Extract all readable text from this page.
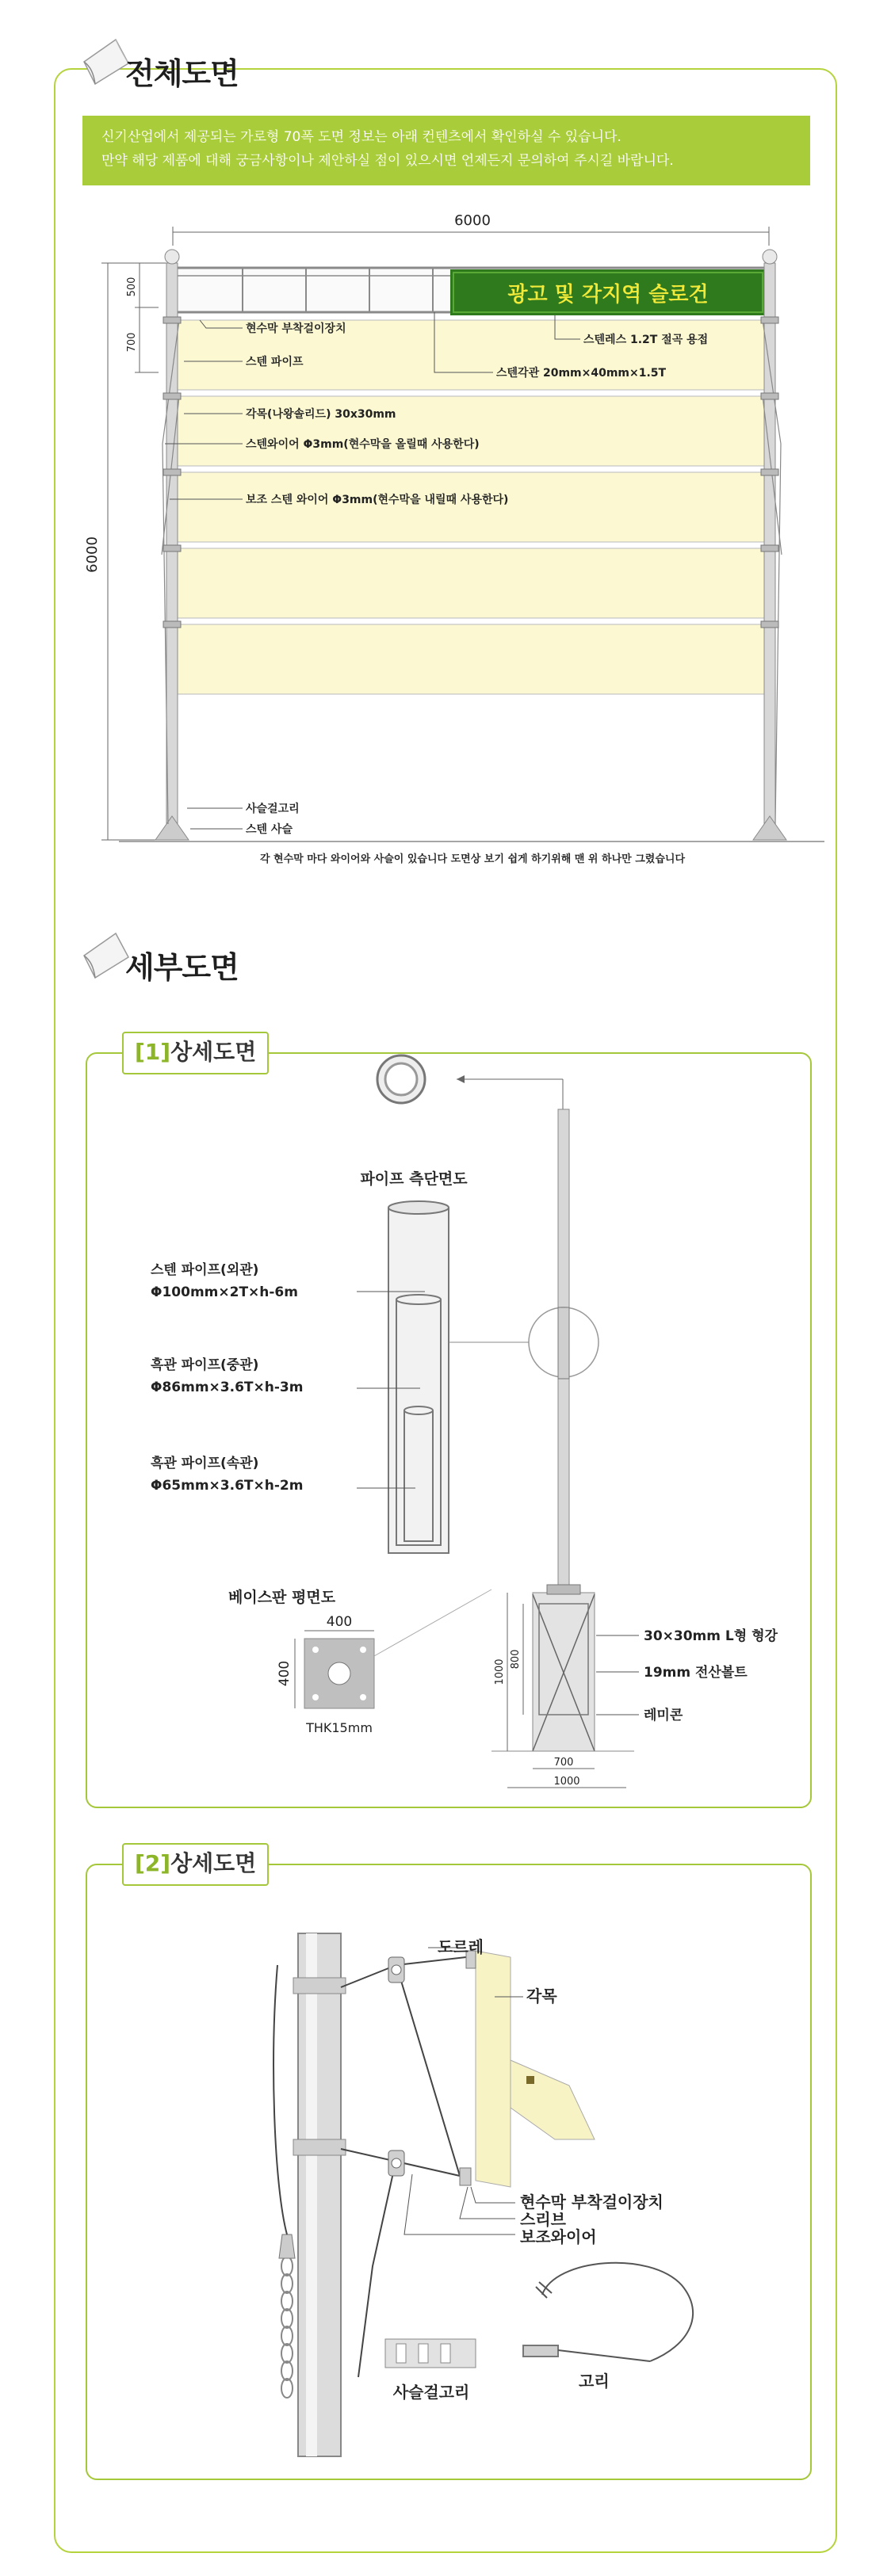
전체도면
신기산업에서 제공되는 가로형 70폭 도면 정보는 아래 컨텐츠에서 확인하실 수 있습니다.
만약 해당 제품에 대해 궁금사항이나 제안하실 점이 있으시면 언제든지 문의하여 주시길 바랍니다.
6000
6000
500
700
광고 및 각지역 슬로건
현수막 부착걸이장치
스텐 파이프
스텐각관 20mm×40mm×1.5T
스텐레스 1.2T 절곡 용접
각목(나왕솔리드) 30x30mm
스텐와이어 Φ3mm(현수막을 올릴때 사용한다)
보조 스텐 와이어 Φ3mm(현수막을 내릴때 사용한다)
사슬걸고리
스텐 사슬
각 현수막 마다 와이어와 사슬이 있습니다 도면상 보기 쉽게 하기위해 맨 위 하나만 그렸습니다
세부도면
[1]상세도면
파이프 측단면도
스텐 파이프(외관)
Φ100mm×2T×h-6m
흑관 파이프(중관)
Φ86mm×3.6T×h-3m
흑관 파이프(속관)
Φ65mm×3.6T×h-2m
1000 800
700
1000
30×30mm L형 형강
19mm 전산볼트
레미콘
베이스판 평면도
400
400
THK15mm
[2]상세도면
도르레
각목
현수막 부착걸이장치
스리브
보조와이어
사슬걸고리
고리
